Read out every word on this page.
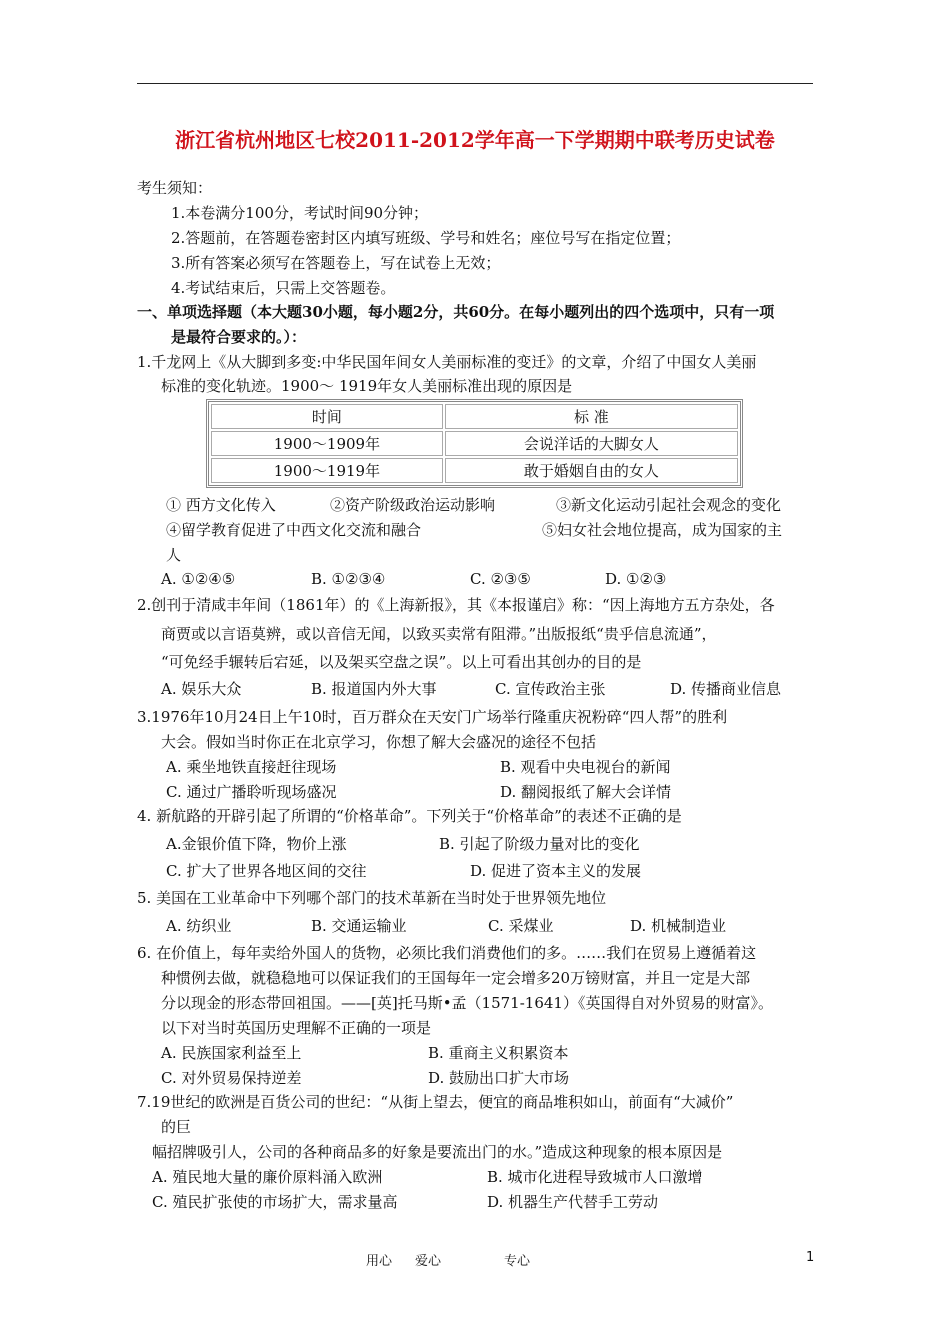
浙江省杭州地区七校2011-2012学年高一下学期期中联考历史试卷
考生须知：
1.本卷满分100分，考试时间90分钟；
2.答题前，在答题卷密封区内填写班级、学号和姓名；座位号写在指定位置；
3.所有答案必须写在答题卷上，写在试卷上无效；
4.考试结束后，只需上交答题卷。
一、单项选择题（本大题30小题，每小题2分，共60分。在每小题列出的四个选项中，只有一项
是最符合要求的。）：
1.千龙网上《从大脚到多变:中华民国年间女人美丽标准的变迁》的文章，介绍了中国女人美丽
标准的变化轨迹。1900～ 1919年女人美丽标准出现的原因是
时间	标 准
1900～1909年	会说洋话的大脚女人
1900～1919年	敢于婚姻自由的女人
① 西方文化传入	②资产阶级政治运动影响	③新文化运动引起社会观念的变化
④留学教育促进了中西文化交流和融合	⑤妇女社会地位提高，成为国家的主
人
A. ①②④⑤	B. ①②③④	C. ②③⑤	D. ①②③
2.创刊于清咸丰年间（1861年）的《上海新报》，其《本报谨启》称：“因上海地方五方杂处，各
商贾或以言语莫辨，或以音信无闻，以致买卖常有阻滞。”出版报纸“贵乎信息流通”，
“可免经手辗转后宕延，以及架买空盘之误”。以上可看出其创办的目的是
A. 娱乐大众	B. 报道国内外大事	C. 宣传政治主张	D. 传播商业信息
3.1976年10月24日上午10时，百万群众在天安门广场举行隆重庆祝粉碎“四人帮”的胜利
大会。假如当时你正在北京学习，你想了解大会盛况的途径不包括
A. 乘坐地铁直接赶往现场	B. 观看中央电视台的新闻
C. 通过广播聆听现场盛况	D. 翻阅报纸了解大会详情
4. 新航路的开辟引起了所谓的“价格革命”。下列关于“价格革命”的表述不正确的是
A.金银价值下降，物价上涨	B. 引起了阶级力量对比的变化
C. 扩大了世界各地区间的交往	D. 促进了资本主义的发展
5. 美国在工业革命中下列哪个部门的技术革新在当时处于世界领先地位
A. 纺织业	B. 交通运输业	C. 采煤业	D. 机械制造业
6. 在价值上，每年卖给外国人的货物，必须比我们消费他们的多。……我们在贸易上遵循着这
种惯例去做，就稳稳地可以保证我们的王国每年一定会增多20万镑财富，并且一定是大部
分以现金的形态带回祖国。——[英]托马斯•孟（1571-1641）《英国得自对外贸易的财富》。
以下对当时英国历史理解不正确的一项是
A. 民族国家利益至上	B. 重商主义积累资本
C. 对外贸易保持逆差	D. 鼓励出口扩大市场
7.19世纪的欧洲是百货公司的世纪：“从街上望去，便宜的商品堆积如山，前面有“大减价”
的巨
幅招牌吸引人，公司的各种商品多的好象是要流出门的水。”造成这种现象的根本原因是
A. 殖民地大量的廉价原料涌入欧洲	B. 城市化进程导致城市人口激增
C. 殖民扩张使的市场扩大，需求量高	D. 机器生产代替手工劳动
用心 爱心	专心	1
